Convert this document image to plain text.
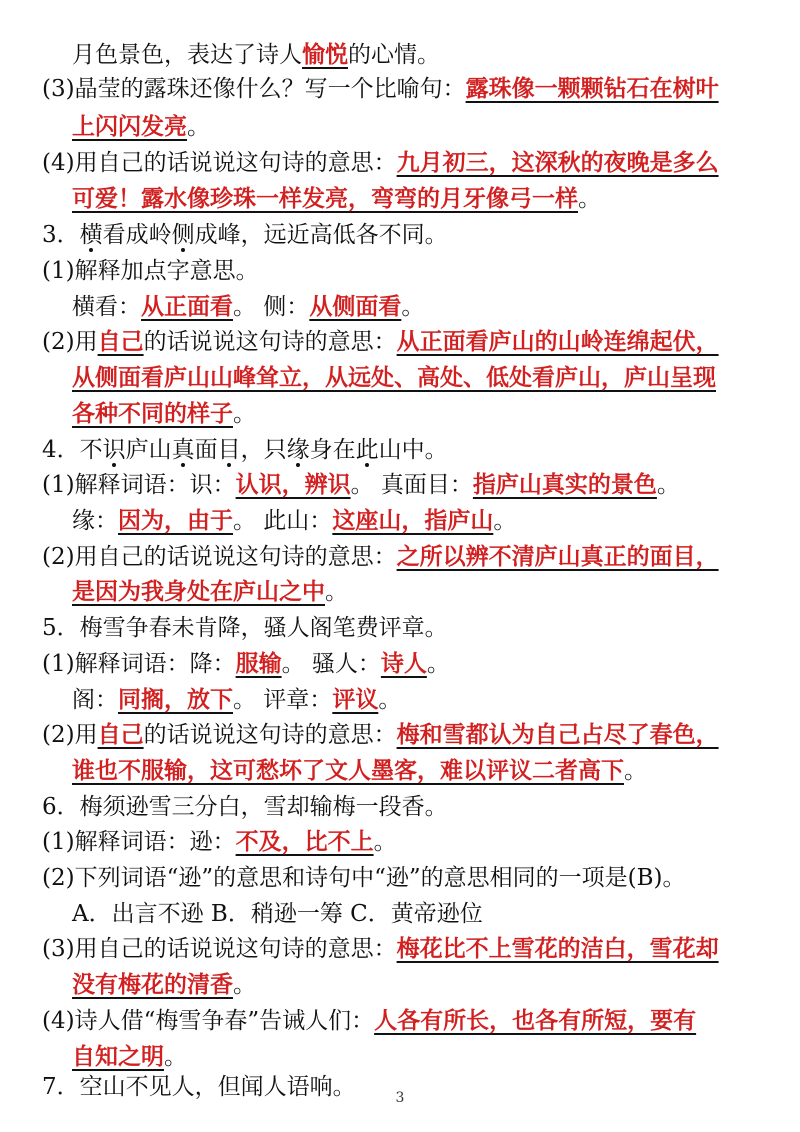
月色景色，表达了诗人愉悦的心情。
(3)晶莹的露珠还像什么？写一个比喻句：露珠像一颗颗钻石在树叶
上闪闪发亮。
(4)用自己的话说说这句诗的意思：九月初三，这深秋的夜晚是多么
可爱！露水像珍珠一样发亮，弯弯的月牙像弓一样。
3．横看成岭侧成峰，远近高低各不同。
(1)解释加点字意思。
横看：从正面看。 侧：从侧面看。
(2)用自己的话说说这句诗的意思：从正面看庐山的山岭连绵起伏，
从侧面看庐山山峰耸立，从远处、高处、低处看庐山，庐山呈现
各种不同的样子。
4．不识庐山真面目，只缘身在此山中。
(1)解释词语：识：认识，辨识。 真面目：指庐山真实的景色。
缘：因为，由于。 此山：这座山，指庐山。
(2)用自己的话说说这句诗的意思：之所以辨不清庐山真正的面目，
是因为我身处在庐山之中。
5．梅雪争春未肯降，骚人阁笔费评章。
(1)解释词语：降：服输。 骚人：诗人。
阁：同搁，放下。 评章：评议。
(2)用自己的话说说这句诗的意思：梅和雪都认为自己占尽了春色，
谁也不服输，这可愁坏了文人墨客，难以评议二者高下。
6．梅须逊雪三分白，雪却输梅一段香。
(1)解释词语：逊：不及，比不上。
(2)下列词语“逊”的意思和诗句中“逊”的意思相同的一项是(B)。
A．出言不逊 B．稍逊一筹 C．黄帝逊位
(3)用自己的话说说这句诗的意思：梅花比不上雪花的洁白，雪花却
没有梅花的清香。
(4)诗人借“梅雪争春”告诫人们：人各有所长，也各有所短，要有
自知之明。
7．空山不见人，但闻人语响。	3
